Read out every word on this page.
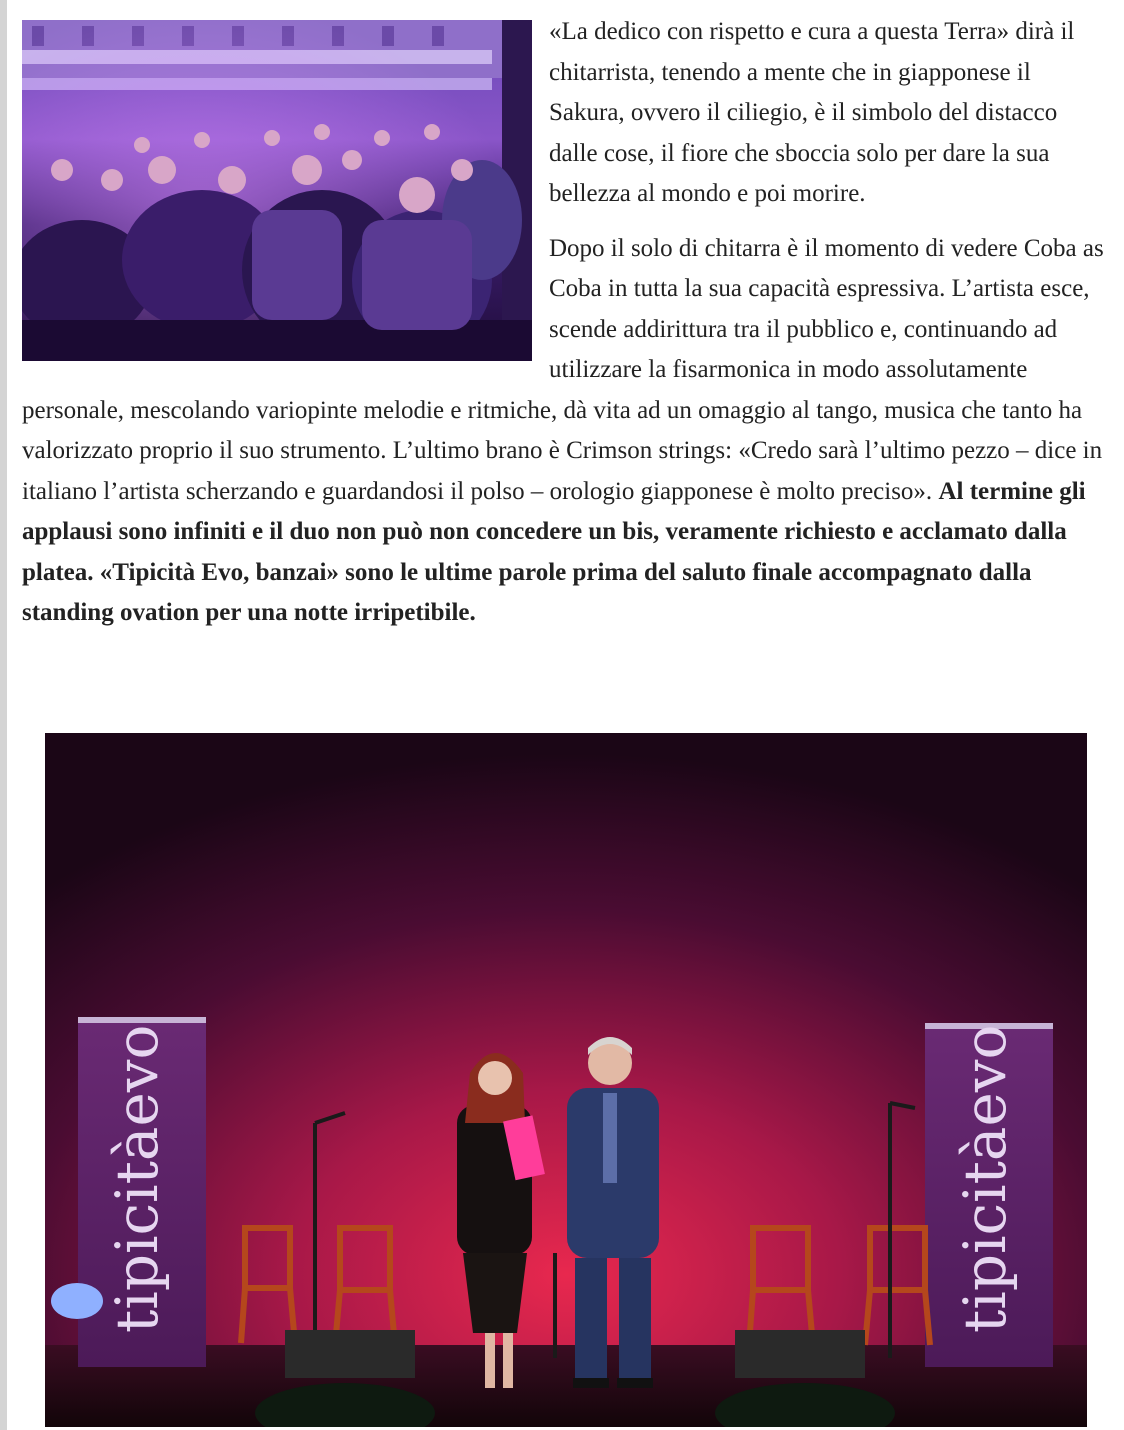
«La dedico con rispetto e cura a questa Terra» dirà il chitarrista, tenendo a mente che in giapponese il Sakura, ovvero il ciliegio, è il simbolo del distacco dalle cose, il fiore che sboccia solo per dare la sua bellezza al mondo e poi morire.

Dopo il solo di chitarra è il momento di vedere Coba as Coba in tutta la sua capacità espressiva. L’artista esce, scende addirittura tra il pubblico e, continuando ad utilizzare la fisarmonica in modo assolutamente personale, mescolando variopinte melodie e ritmiche, dà vita ad un omaggio al tango, musica che tanto ha valorizzato proprio il suo strumento. L’ultimo brano è Crimson strings: «Credo sarà l’ultimo pezzo – dice in italiano l’artista scherzando e guardandosi il polso – orologio giapponese è molto preciso». Al termine gli applausi sono infiniti e il duo non può non concedere un bis, veramente richiesto e acclamato dalla platea. «Tipicità Evo, banzai» sono le ultime parole prima del saluto finale accompagnato dalla standing ovation per una notte irripetibile.

tipicitàevo	tipicitàevo
